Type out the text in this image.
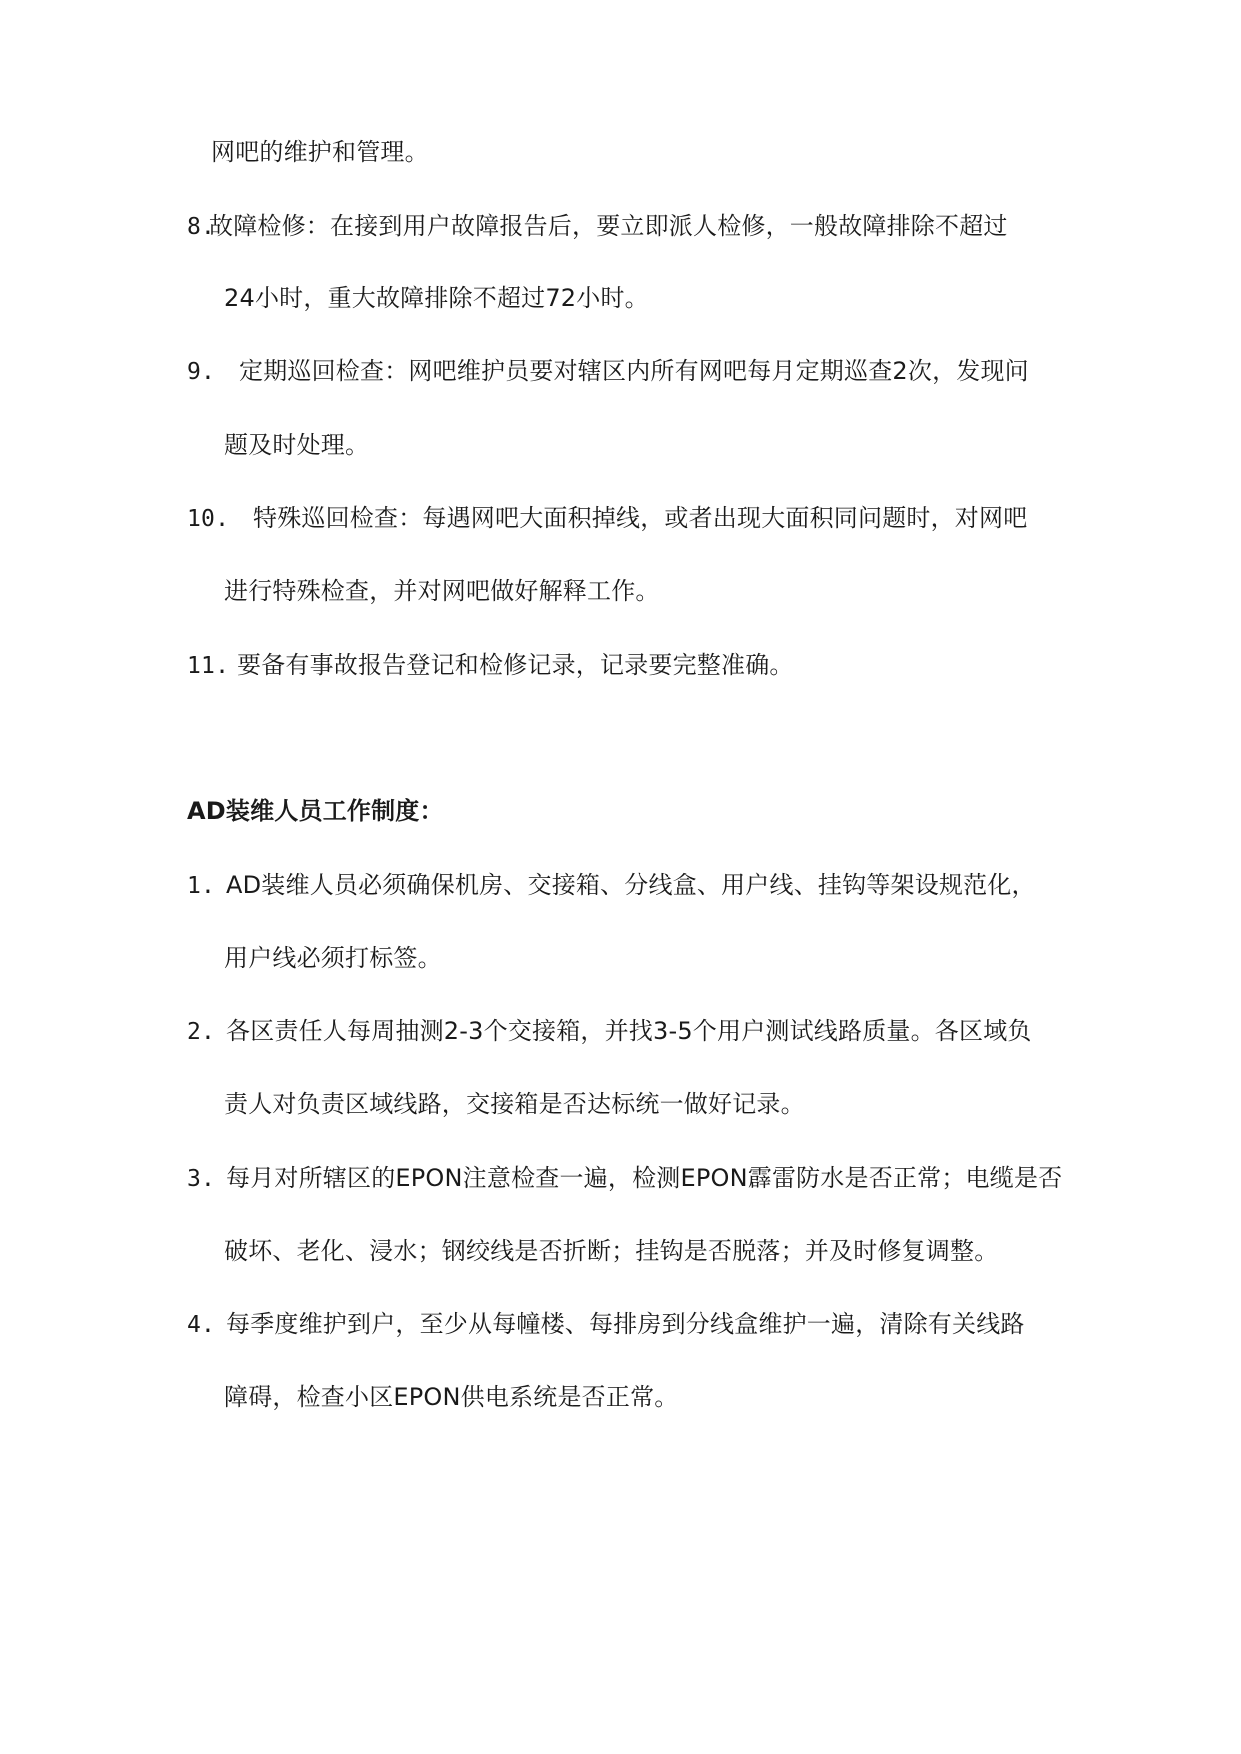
网吧的维护和管理。
8.故障检修：在接到用户故障报告后，要立即派人检修，一般故障排除不超过
24小时，重大故障排除不超过72小时。
9. 定期巡回检查：网吧维护员要对辖区内所有网吧每月定期巡查2次，发现问
题及时处理。
10. 特殊巡回检查：每遇网吧大面积掉线，或者出现大面积同问题时，对网吧
进行特殊检查，并对网吧做好解释工作。
11. 要备有事故报告登记和检修记录，记录要完整准确。
AD装维人员工作制度：
1. AD装维人员必须确保机房、交接箱、分线盒、用户线、挂钩等架设规范化，
用户线必须打标签。
2. 各区责任人每周抽测2-3个交接箱，并找3-5个用户测试线路质量。各区域负
责人对负责区域线路，交接箱是否达标统一做好记录。
3. 每月对所辖区的EPON注意检查一遍，检测EPON霹雷防水是否正常；电缆是否
破坏、老化、浸水；钢绞线是否折断；挂钩是否脱落；并及时修复调整。
4. 每季度维护到户，至少从每幢楼、每排房到分线盒维护一遍，清除有关线路
障碍，检查小区EPON供电系统是否正常。
